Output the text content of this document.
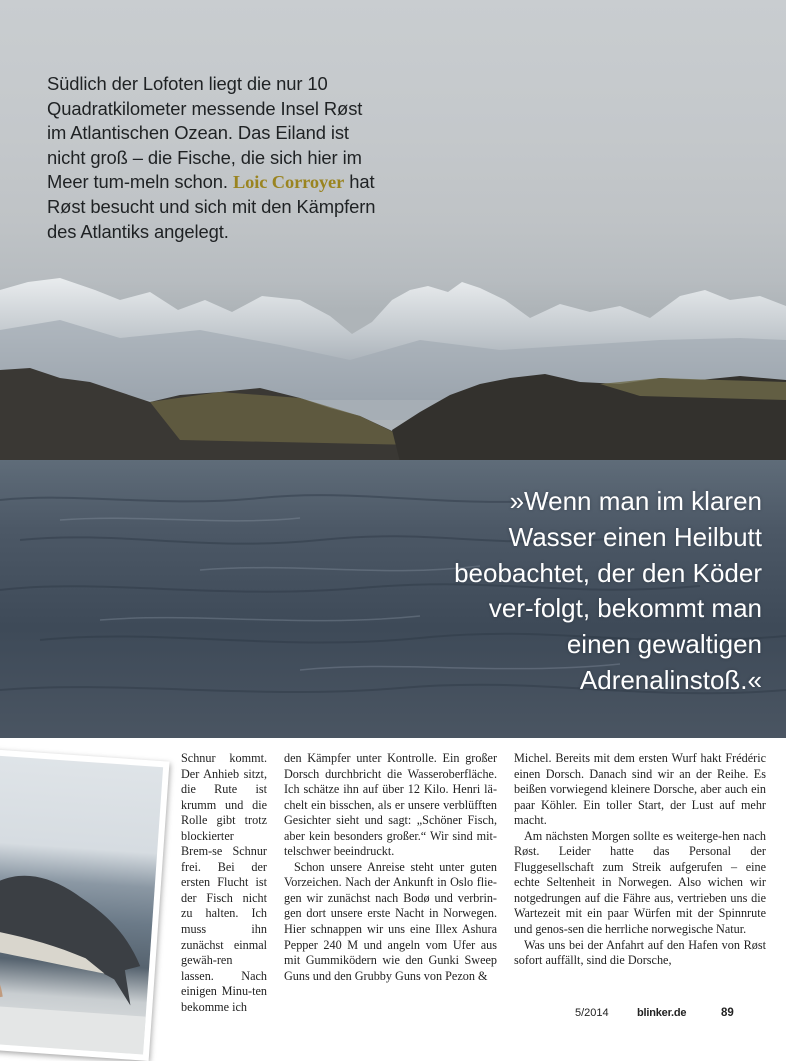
Südlich der Lofoten liegt die nur 10 Quadratkilometer messende Insel Røst im Atlantischen Ozean. Das Eiland ist nicht groß – die Fische, die sich hier im Meer tum-meln schon. Loic Corroyer hat Røst besucht und sich mit den Kämpfern des Atlantiks angelegt.

»Wenn man im klaren Wasser einen Heilbutt beobachtet, der den Köder ver-folgt, bekommt man einen gewaltigen Adrenalinstoß.«

Schnur kommt. Der Anhieb sitzt, die Rute ist krumm und die Rolle gibt trotz blockierter Brem-se Schnur frei. Bei der ersten Flucht ist der Fisch nicht zu halten. Ich muss ihn zunächst einmal gewäh-ren lassen. Nach einigen Minu-ten bekomme ich

den Kämpfer unter Kontrolle. Ein großer Dorsch durchbricht die Wasseroberfläche. Ich schätze ihn auf über 12 Kilo. Henri lä-chelt ein bisschen, als er unsere verblüfften Gesichter sieht und sagt: „Schöner Fisch, aber kein besonders großer.“ Wir sind mit-telschwer beeindruckt.

Schon unsere Anreise steht unter guten Vorzeichen. Nach der Ankunft in Oslo flie-gen wir zunächst nach Bodø und verbrin-gen dort unsere erste Nacht in Norwegen. Hier schnappen wir uns eine Illex Ashura Pepper 240 M und angeln vom Ufer aus mit Gummiködern wie den Gunki Sweep Guns und den Grubby Guns von Pezon &

Michel. Bereits mit dem ersten Wurf hakt Frédéric einen Dorsch. Danach sind wir an der Reihe. Es beißen vorwiegend kleinere Dorsche, aber auch ein paar Köhler. Ein toller Start, der Lust auf mehr macht.

Am nächsten Morgen sollte es weiterge-hen nach Røst. Leider hatte das Personal der Fluggesellschaft zum Streik aufgerufen – eine echte Seltenheit in Norwegen. Also wichen wir notgedrungen auf die Fähre aus, vertrieben uns die Wartezeit mit ein paar Würfen mit der Spinnrute und genos-sen die herrliche norwegische Natur.

Was uns bei der Anfahrt auf den Hafen von Røst sofort auffällt, sind die Dorsche,

5/2014	blinker.de	89
